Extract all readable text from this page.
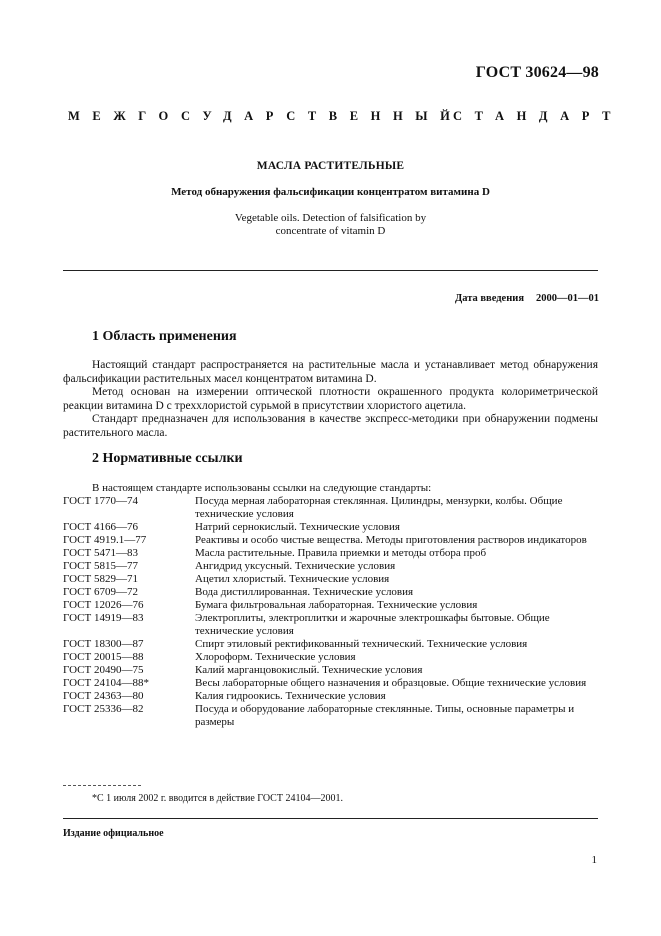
ГОСТ 30624—98
МЕЖГОСУДАРСТВЕННЫЙ
СТАНДАРТ
МАСЛА РАСТИТЕЛЬНЫЕ
Метод обнаружения фальсификации концентратом витамина D
Vegetable oils. Detection of falsification by
concentrate of vitamin D
Дата введения 2000—01—01
1 Область применения
Настоящий стандарт распространяется на растительные масла и устанавливает метод обнаружения фальсификации растительных масел концентратом витамина D.
Метод основан на измерении оптической плотности окрашенного продукта колориметрической реакции витамина D с треххлористой сурьмой в присутствии хлористого ацетила.
Стандарт предназначен для использования в качестве экспресс-методики при обнаружении подмены растительного масла.
2 Нормативные ссылки
В настоящем стандарте использованы ссылки на следующие стандарты:
ГОСТ 1770—74	Посуда мерная лабораторная стеклянная. Цилиндры, мензурки, колбы. Общие технические условия
ГОСТ 4166—76	Натрий сернокислый. Технические условия
ГОСТ 4919.1—77	Реактивы и особо чистые вещества. Методы приготовления растворов индикаторов
ГОСТ 5471—83	Масла растительные. Правила приемки и методы отбора проб
ГОСТ 5815—77	Ангидрид уксусный. Технические условия
ГОСТ 5829—71	Ацетил хлористый. Технические условия
ГОСТ 6709—72	Вода дистиллированная. Технические условия
ГОСТ 12026—76	Бумага фильтровальная лабораторная. Технические условия
ГОСТ 14919—83	Электроплиты, электроплитки и жарочные электрошкафы бытовые. Общие технические условия
ГОСТ 18300—87	Спирт этиловый ректификованный технический. Технические условия
ГОСТ 20015—88	Хлороформ. Технические условия
ГОСТ 20490—75	Калий марганцовокислый. Технические условия
ГОСТ 24104—88*	Весы лабораторные общего назначения и образцовые. Общие технические условия
ГОСТ 24363—80	Калия гидроокись. Технические условия
ГОСТ 25336—82	Посуда и оборудование лабораторные стеклянные. Типы, основные параметры и размеры
*С 1 июля 2002 г. вводится в действие ГОСТ 24104—2001.
Издание официальное
1
